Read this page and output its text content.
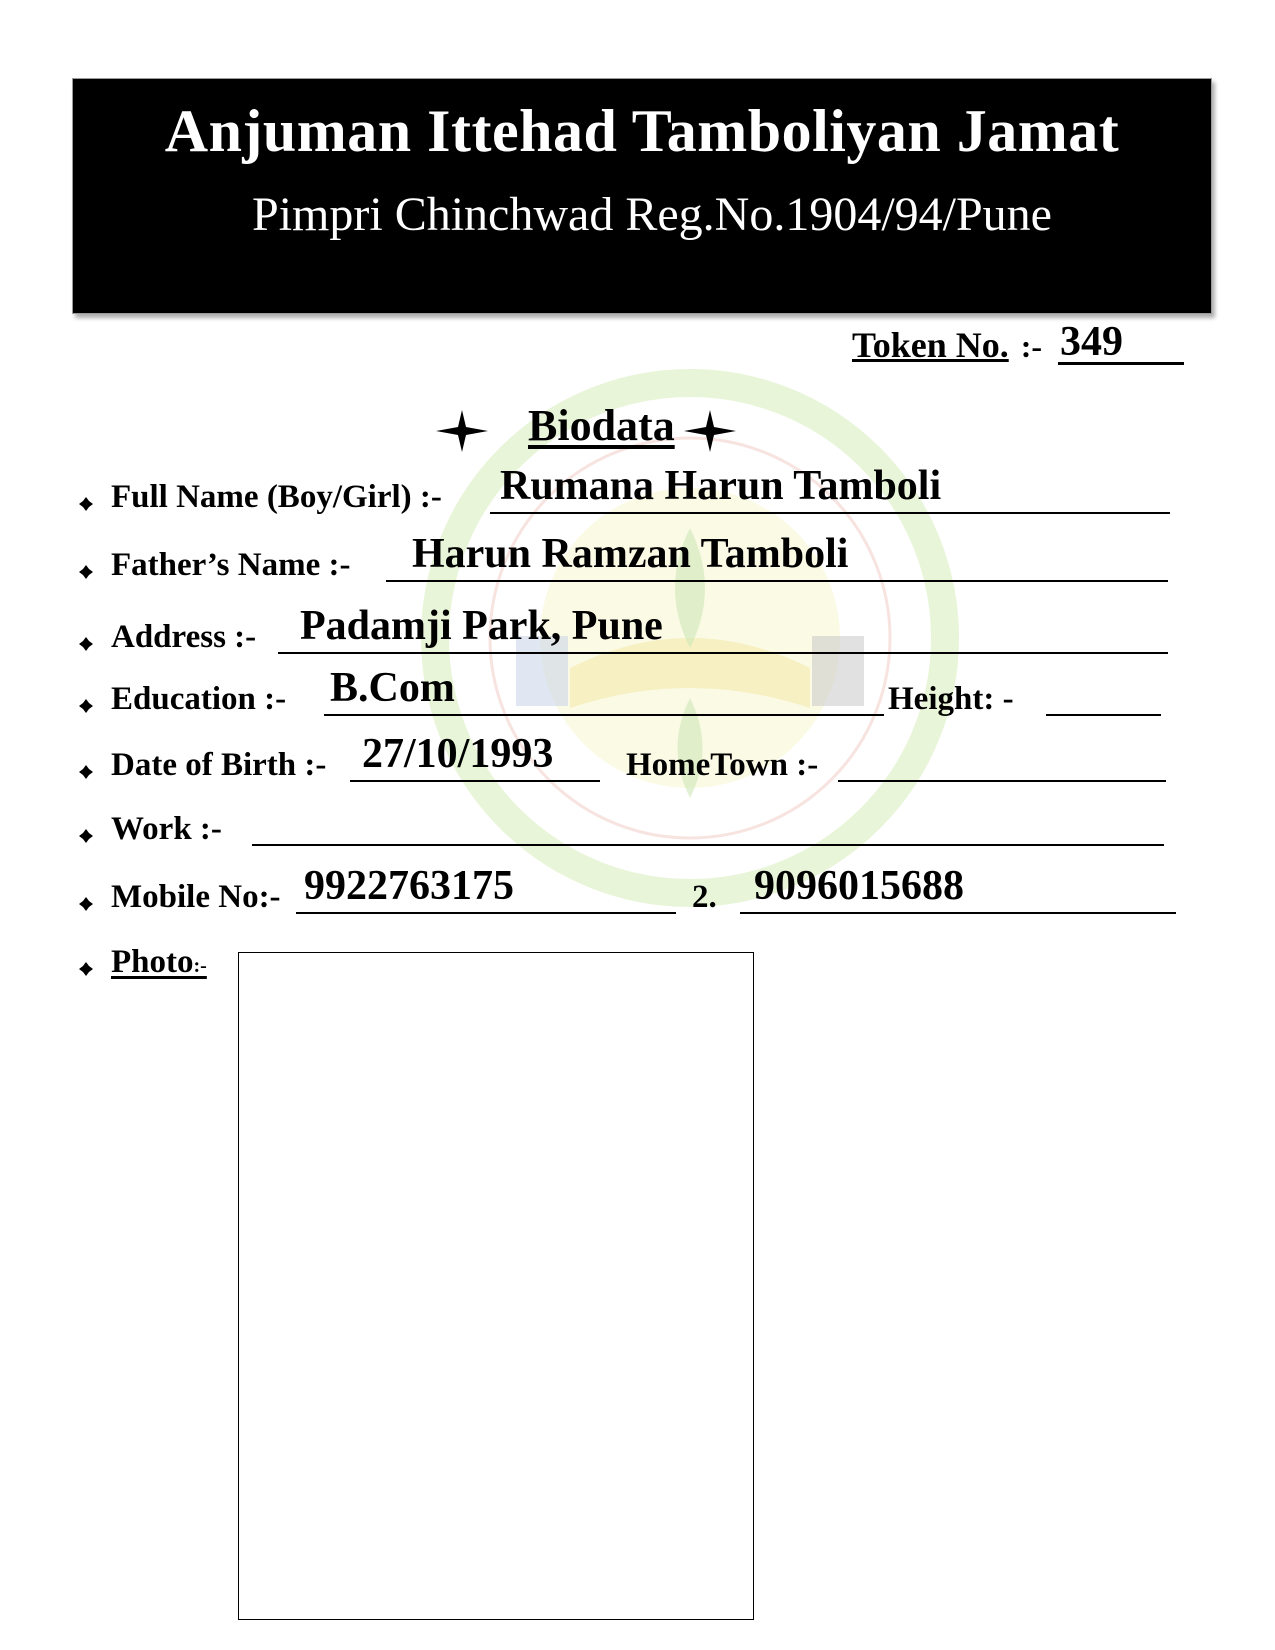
Anjuman Ittehad Tamboliyan Jamat
Pimpri Chinchwad Reg.No.1904/94/Pune
Token No. :- 349
Biodata
Full Name (Boy/Girl) :- Rumana Harun Tamboli
Father’s Name :- Harun Ramzan Tamboli
Address :- Padamji Park, Pune
Education :- B.Com	Height: -
Date of Birth :- 27/10/1993 HomeTown :-
Work :-
Mobile No:- 9922763175	2. 9096015688
Photo:-
